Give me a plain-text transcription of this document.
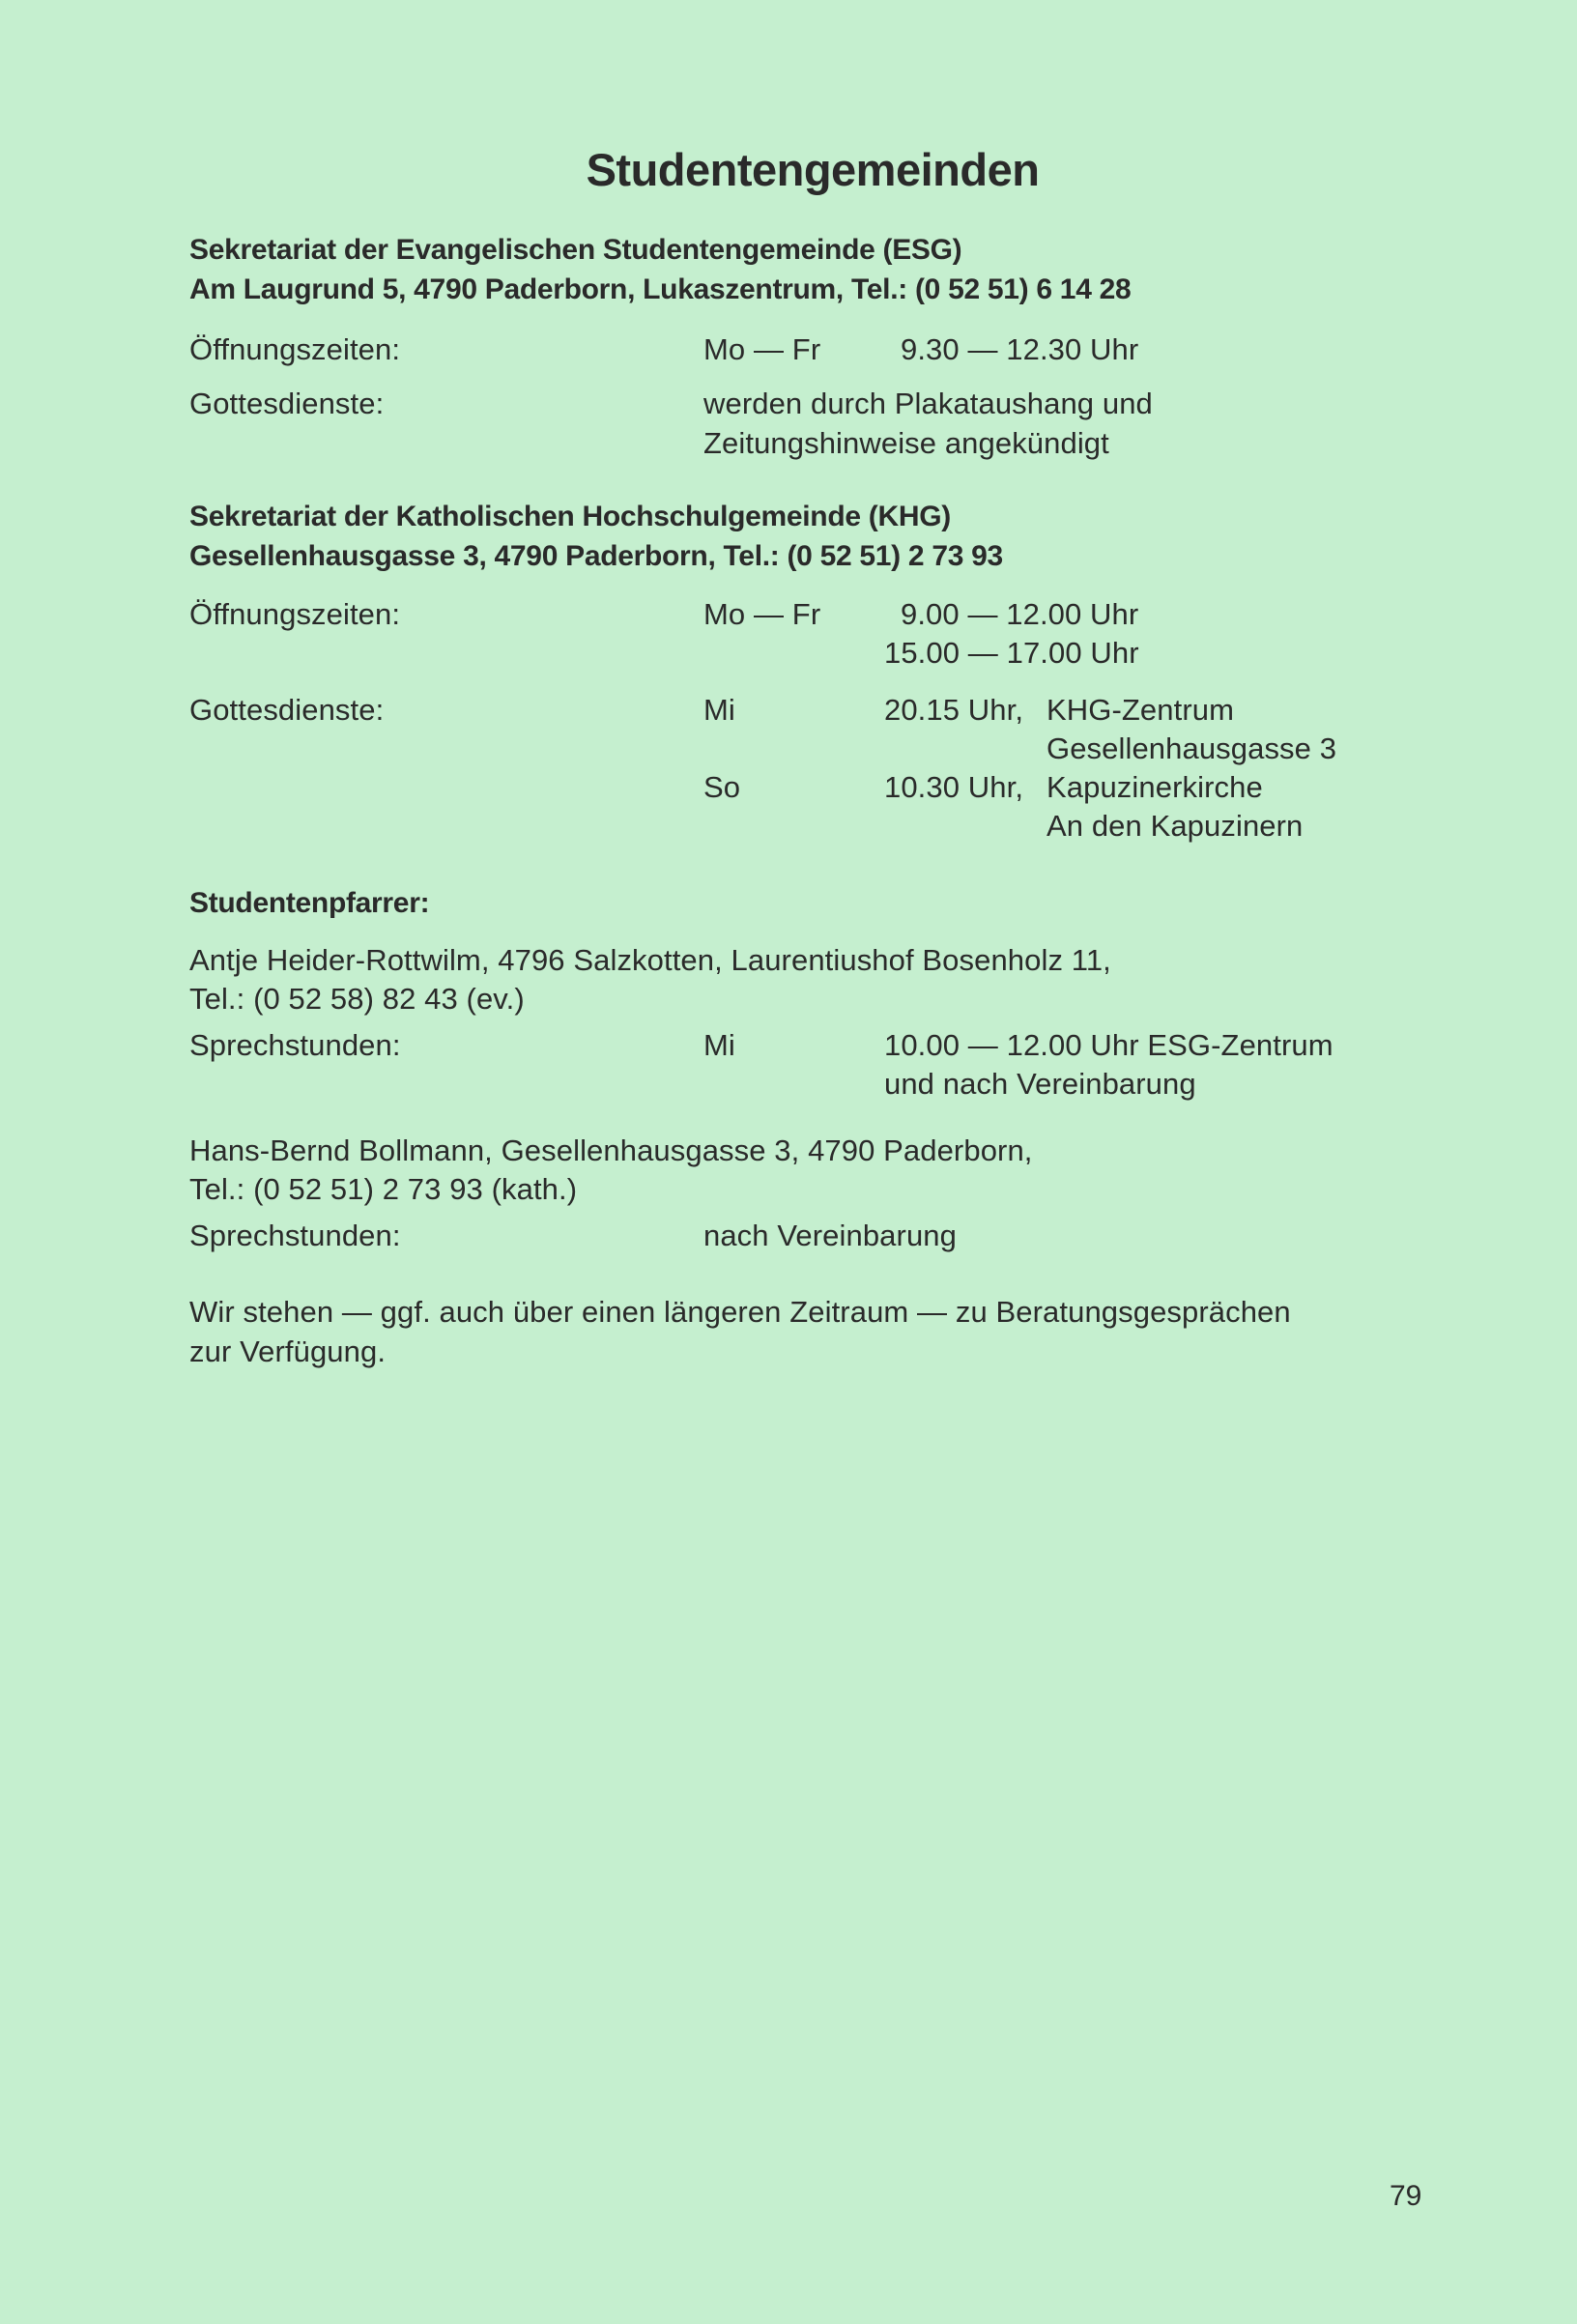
Studentengemeinden
Sekretariat der Evangelischen Studentengemeinde (ESG)
Am Laugrund 5, 4790 Paderborn, Lukaszentrum, Tel.: (0 52 51) 6 14 28
Öffnungszeiten:	Mo — Fr	9.30 — 12.30 Uhr
Gottesdienste:	werden durch Plakataushang und
Zeitungshinweise angekündigt
Sekretariat der Katholischen Hochschulgemeinde (KHG)
Gesellenhausgasse 3, 4790 Paderborn, Tel.: (0 52 51) 2 73 93
Öffnungszeiten:	Mo — Fr	9.00 — 12.00 Uhr
15.00 — 17.00 Uhr
Gottesdienste:	Mi	20.15 Uhr, KHG-Zentrum
Gesellenhausgasse 3
So	10.30 Uhr, Kapuzinerkirche
An den Kapuzinern
Studentenpfarrer:
Antje Heider-Rottwilm, 4796 Salzkotten, Laurentiushof Bosenholz 11,
Tel.: (0 52 58) 82 43 (ev.)
Sprechstunden:	Mi	10.00 — 12.00 Uhr ESG-Zentrum
und nach Vereinbarung
Hans-Bernd Bollmann, Gesellenhausgasse 3, 4790 Paderborn,
Tel.: (0 52 51) 2 73 93 (kath.)
Sprechstunden:	nach Vereinbarung
Wir stehen — ggf. auch über einen längeren Zeitraum — zu Beratungsgesprächen
zur Verfügung.
79
